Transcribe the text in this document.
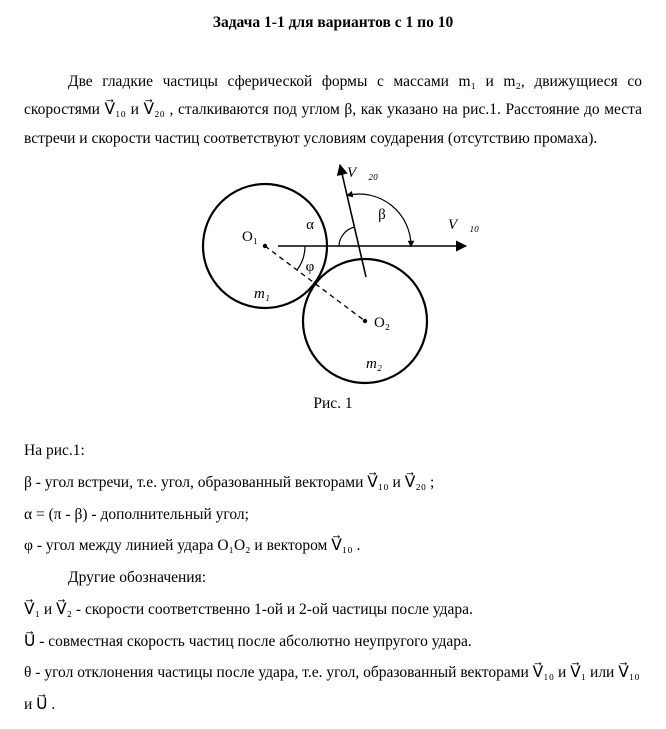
Задача 1-1 для вариантов с 1 по 10

Две гладкие частицы сферической формы с массами m₁ и m₂, движущиеся со скоростями V⃗₁₀ и V⃗₂₀ , сталкиваются под углом β, как указано на рис.1. Расстояние до места встречи и скорости частиц соответствуют условиям соударения (отсутствию промаха).

V⃗₂₀
V⃗₁₀
α
β
φ
O₁
O₂
m₁
m₂

Рис. 1

На рис.1:

β - угол встречи, т.е. угол, образованный векторами V⃗₁₀ и V⃗₂₀ ;

α = (π - β) - дополнительный угол;

φ - угол между линией удара O₁O₂ и вектором V⃗₁₀ .

Другие обозначения:

V⃗₁ и V⃗₂ - скорости соответственно 1-ой и 2-ой частицы после удара.

U⃗ - совместная скорость частиц после абсолютно неупругого удара.

θ - угол отклонения частицы после удара, т.е. угол, образованный векторами V⃗₁₀ и V⃗₁ или V⃗₁₀ и U⃗ .
